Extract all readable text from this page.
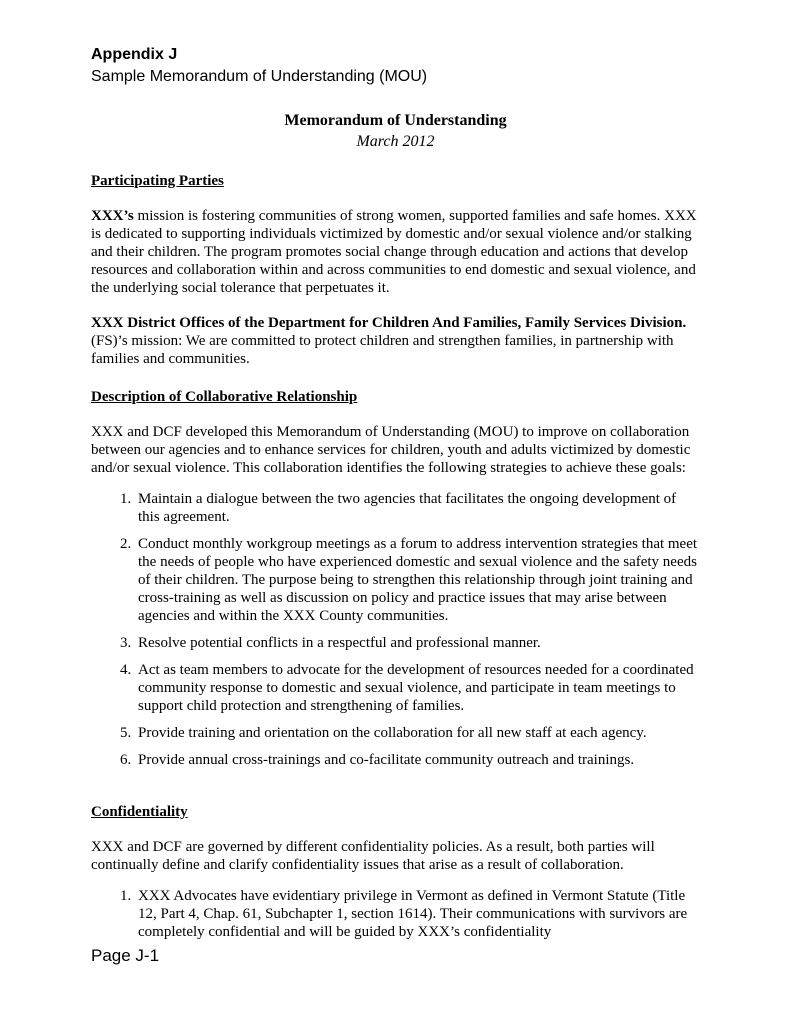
Appendix J
Sample Memorandum of Understanding (MOU)
Memorandum of Understanding
March 2012
Participating Parties

XXX’s mission is fostering communities of strong women, supported families and safe homes. XXX is dedicated to supporting individuals victimized by domestic and/or sexual violence and/or stalking and their children. The program promotes social change through education and actions that develop resources and collaboration within and across communities to end domestic and sexual violence, and the underlying social tolerance that perpetuates it.

XXX District Offices of the Department for Children And Families, Family Services Division. (FS)’s mission: We are committed to protect children and strengthen families, in partnership with families and communities.

Description of Collaborative Relationship

XXX and DCF developed this Memorandum of Understanding (MOU) to improve on collaboration between our agencies and to enhance services for children, youth and adults victimized by domestic and/or sexual violence. This collaboration identifies the following strategies to achieve these goals:

1. Maintain a dialogue between the two agencies that facilitates the ongoing development of this agreement.
2. Conduct monthly workgroup meetings as a forum to address intervention strategies that meet the needs of people who have experienced domestic and sexual violence and the safety needs of their children. The purpose being to strengthen this relationship through joint training and cross-training as well as discussion on policy and practice issues that may arise between agencies and within the XXX County communities.
3. Resolve potential conflicts in a respectful and professional manner.
4. Act as team members to advocate for the development of resources needed for a coordinated community response to domestic and sexual violence, and participate in team meetings to support child protection and strengthening of families.
5. Provide training and orientation on the collaboration for all new staff at each agency.
6. Provide annual cross-trainings and co-facilitate community outreach and trainings.
Confidentiality

XXX and DCF are governed by different confidentiality policies. As a result, both parties will continually define and clarify confidentiality issues that arise as a result of collaboration.

1. XXX Advocates have evidentiary privilege in Vermont as defined in Vermont Statute (Title 12, Part 4, Chap. 61, Subchapter 1, section 1614). Their communications with survivors are completely confidential and will be guided by XXX’s confidentiality
Page J-1
